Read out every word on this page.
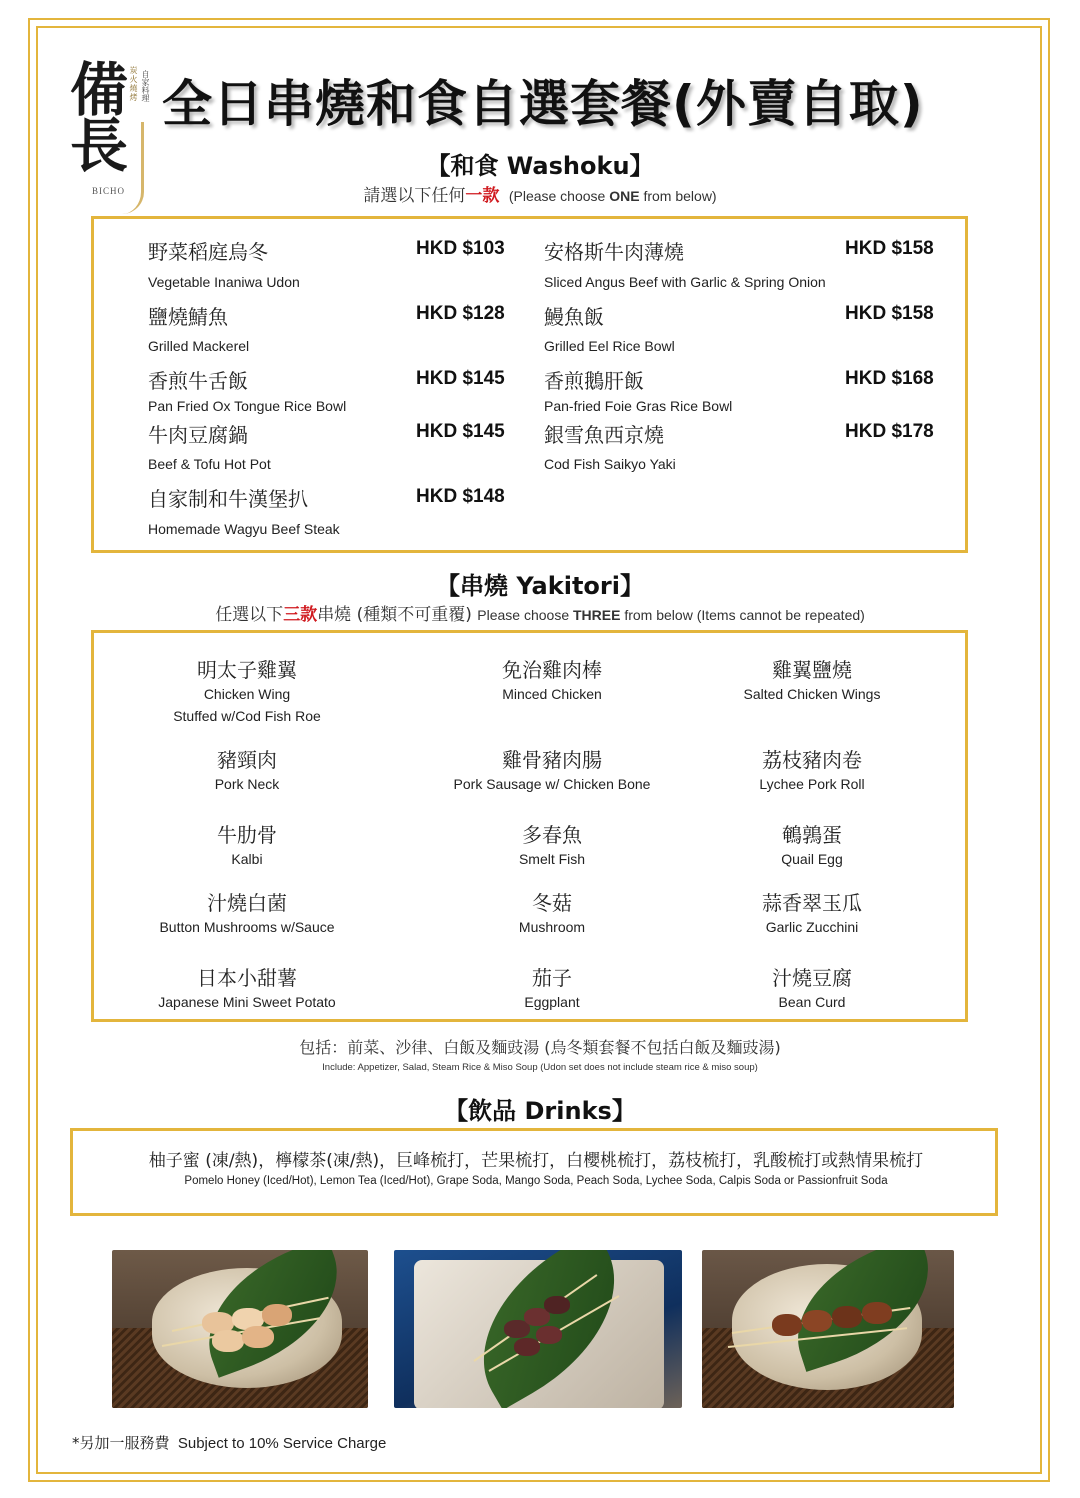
備長
炭火燒烤 自家料理
BICHO
全日串燒和食自選套餐(外賣自取)
【和食 Washoku】
請選以下任何一款 (Please choose ONE from below)
野菜稻庭烏冬
Vegetable Inaniwa Udon
HKD $103
鹽燒鯖魚
Grilled Mackerel
HKD $128
香煎牛舌飯
Pan Fried Ox Tongue Rice Bowl
HKD $145
牛肉豆腐鍋
Beef & Tofu Hot Pot
HKD $145
自家制和牛漢堡扒
Homemade Wagyu Beef Steak
HKD $148
安格斯牛肉薄燒
Sliced Angus Beef with Garlic & Spring Onion
HKD $158
鰻魚飯
Grilled Eel Rice Bowl
HKD $158
香煎鵝肝飯
Pan-fried Foie Gras Rice Bowl
HKD $168
銀雪魚西京燒
Cod Fish Saikyo Yaki
HKD $178
【串燒 Yakitori】
任選以下三款串燒 (種類不可重覆) Please choose THREE from below (Items cannot be repeated)
明太子雞翼
Chicken Wing
Stuffed w/Cod Fish Roe
免治雞肉棒
Minced Chicken
雞翼鹽燒
Salted Chicken Wings
豬頸肉
Pork Neck
雞骨豬肉腸
Pork Sausage w/ Chicken Bone
荔枝豬肉卷
Lychee Pork Roll
牛肋骨
Kalbi
多春魚
Smelt Fish
鵪鶉蛋
Quail Egg
汁燒白菌
Button Mushrooms w/Sauce
冬菇
Mushroom
蒜香翠玉瓜
Garlic Zucchini
日本小甜薯
Japanese Mini Sweet Potato
茄子
Eggplant
汁燒豆腐
Bean Curd
包括：前菜、沙律、白飯及麵豉湯 (烏冬類套餐不包括白飯及麵豉湯)
Include: Appetizer, Salad, Steam Rice & Miso Soup (Udon set does not include steam rice & miso soup)
【飲品 Drinks】
柚子蜜 (凍/熱)，檸檬茶(凍/熱)，巨峰梳打，芒果梳打，白櫻桃梳打，荔枝梳打，乳酸梳打或熱情果梳打
Pomelo Honey (Iced/Hot), Lemon Tea (Iced/Hot), Grape Soda, Mango Soda, Peach Soda, Lychee Soda, Calpis Soda or Passionfruit Soda
*另加一服務費 Subject to 10% Service Charge
